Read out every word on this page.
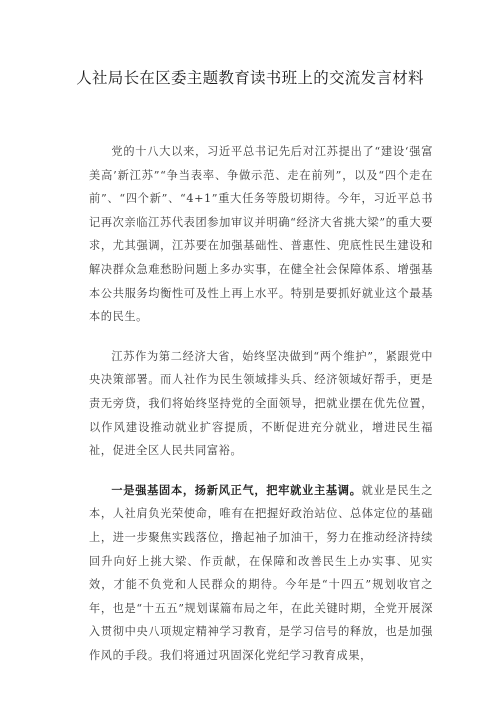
人社局长在区委主题教育读书班上的交流发言材料

党的十八大以来，习近平总书记先后对江苏提出了“建设‘强富美高’新江苏”“争当表率、争做示范、走在前列”，以及“四个走在前”、“四个新”、“4+1”重大任务等殷切期待。今年，习近平总书记再次亲临江苏代表团参加审议并明确“经济大省挑大梁”的重大要求，尤其强调，江苏要在加强基础性、普惠性、兜底性民生建设和解决群众急难愁盼问题上多办实事，在健全社会保障体系、增强基本公共服务均衡性可及性上再上水平。特别是要抓好就业这个最基本的民生。

江苏作为第二经济大省，始终坚决做到“两个维护”，紧跟党中央决策部署。而人社作为民生领域排头兵、经济领域好帮手，更是责无旁贷，我们将始终坚持党的全面领导，把就业摆在优先位置，以作风建设推动就业扩容提质，不断促进充分就业，增进民生福祉，促进全区人民共同富裕。

一是强基固本，扬新风正气，把牢就业主基调。就业是民生之本，人社肩负光荣使命，唯有在把握好政治站位、总体定位的基础上，进一步聚焦实践落位，撸起袖子加油干，努力在推动经济持续回升向好上挑大梁、作贡献，在保障和改善民生上办实事、见实效，才能不负党和人民群众的期待。今年是“十四五”规划收官之年，也是“十五五”规划谋篇布局之年，在此关键时期，全党开展深入贯彻中央八项规定精神学习教育，是学习信号的释放，也是加强作风的手段。我们将通过巩固深化党纪学习教育成果，
